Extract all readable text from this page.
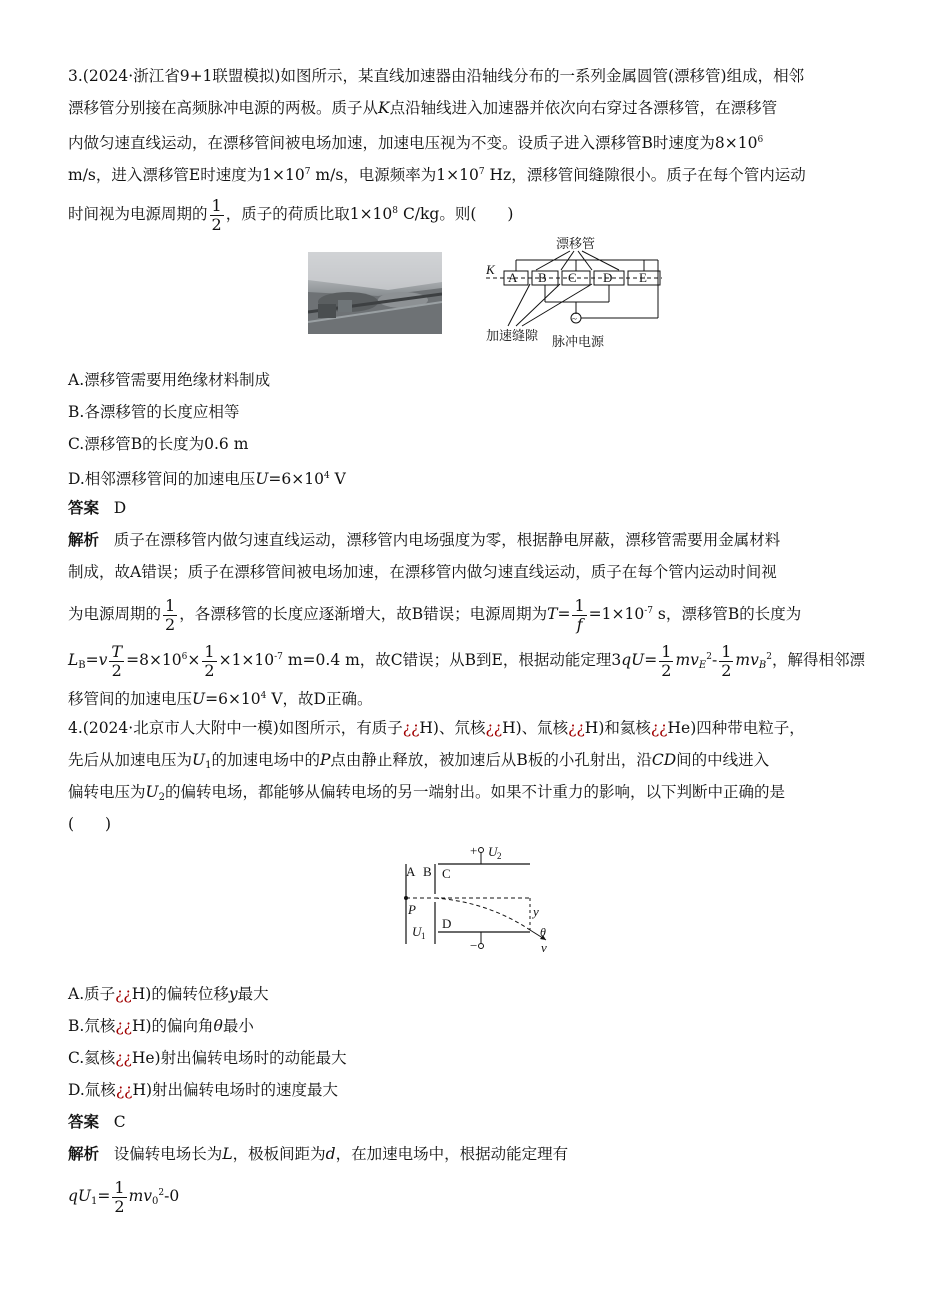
3.(2024·浙江省9+1联盟模拟)如图所示，某直线加速器由沿轴线分布的一系列金属圆管(漂移管)组成，相邻
漂移管分别接在高频脉冲电源的两极。质子从K点沿轴线进入加速器并依次向右穿过各漂移管，在漂移管
内做匀速直线运动，在漂移管间被电场加速，加速电压视为不变。设质子进入漂移管B时速度为$8\times 10^6$
m/s，进入漂移管E时速度为$1\times 10^7$ m/s，电源频率为$1\times 10^7$ Hz，漂移管间缝隙很小。质子在每个管内运动
时间视为电源周期的 $\frac{1}{2}$ ，质子的荷质比取$1\times 10^8$ C/kg。则(　　)
漂移管
K
A B C D E
~
加速缝隙 脉冲电源
A.漂移管需要用绝缘材料制成
B.各漂移管的长度应相等
C.漂移管B的长度为0.6 m
D.相邻漂移管间的加速电压$U=6\times 10^4$ V
答案 D
解析 质子在漂移管内做匀速直线运动，漂移管内电场强度为零，根据静电屏蔽，漂移管需要用金属材料
制成，故A错误；质子在漂移管间被电场加速，在漂移管内做匀速直线运动，质子在每个管内运动时间视
为电源周期的 $\frac{1}{2}$ ，各漂移管的长度应逐渐增大，故B错误；电源周期为$T= \frac{1}{f} =1\times 10^{-7}$ s，漂移管B的长度为
$L_B=v \frac{T}{2} =8\times 10^6\times \frac{1}{2} \times 1\times 10^{-7}$ m=0.4 m，故C错误；从B到E，根据动能定理$3qU= \frac{1}{2} mv_E^2- \frac{1}{2} mv_B^2$，解得相邻漂
移管间的加速电压$U=6\times 10^4$ V，故D正确。
4.(2024·北京市人大附中一模)如图所示，有质子¿¿H)、氘核¿¿H)、氚核¿¿H)和氦核¿¿He)四种带电粒子，
先后从加速电压为$U_1$的加速电场中的P点由静止释放，被加速后从B板的小孔射出，沿CD间的中线进入
偏转电压为$U_2$的偏转电场，都能够从偏转电场的另一端射出。如果不计重力的影响，以下判断中正确的是
(　　)
+ U 2
A B C
y
P
U 1
D
θ
−	v
A.质子¿¿H)的偏转位移y最大
B.氘核¿¿H)的偏向角θ最小
C.氦核¿¿He)射出偏转电场时的动能最大
D.氚核¿¿H)射出偏转电场时的速度最大
答案 C
解析 设偏转电场长为L，极板间距为d，在加速电场中，根据动能定理有
$qU_1= \frac{1}{2} mv_0^2-0$
